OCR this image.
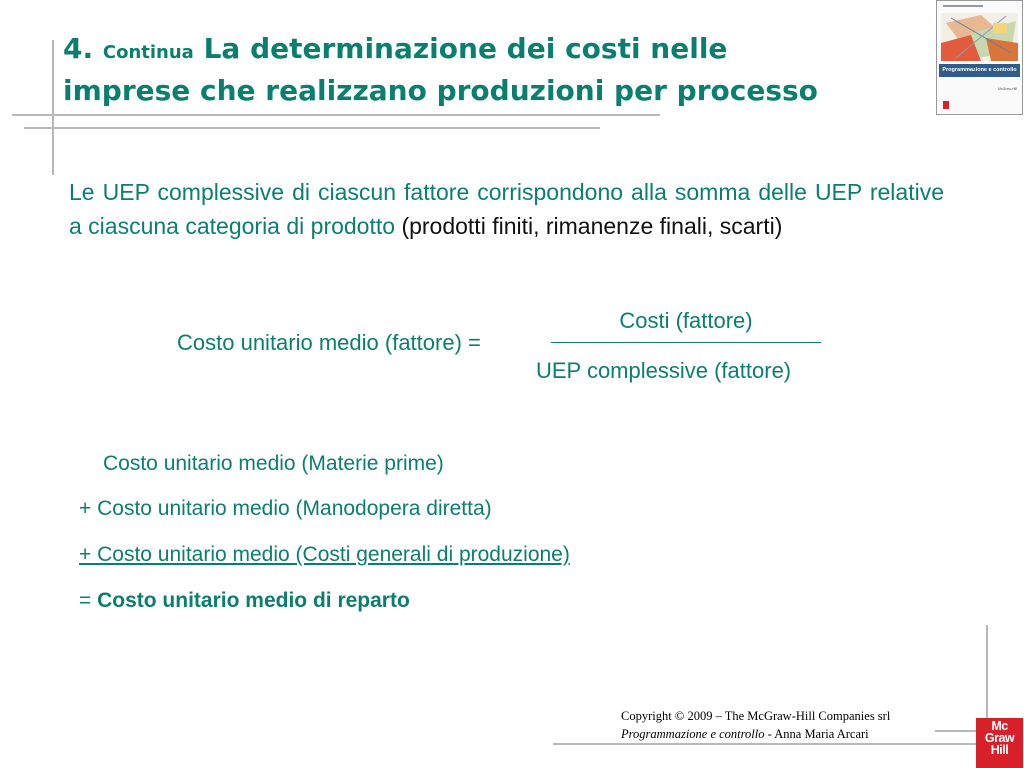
4. Continua La determinazione dei costi nelle
imprese che realizzano produzioni per processo
Programmazione e controllo
McGraw-Hill
Le UEP complessive di ciascun fattore corrispondono alla somma delle UEP relative a ciascuna categoria di prodotto (prodotti finiti, rimanenze finali, scarti)
Costo unitario medio (fattore) =
Costi (fattore)
UEP complessive (fattore)
Costo unitario medio (Materie prime)
+ Costo unitario medio (Manodopera diretta)
+ Costo unitario medio (Costi generali di produzione)
= Costo unitario medio di reparto
Copyright © 2009 – The McGraw-Hill Companies srl
Programmazione e controllo - Anna Maria Arcari
Mc
Graw
Hill
